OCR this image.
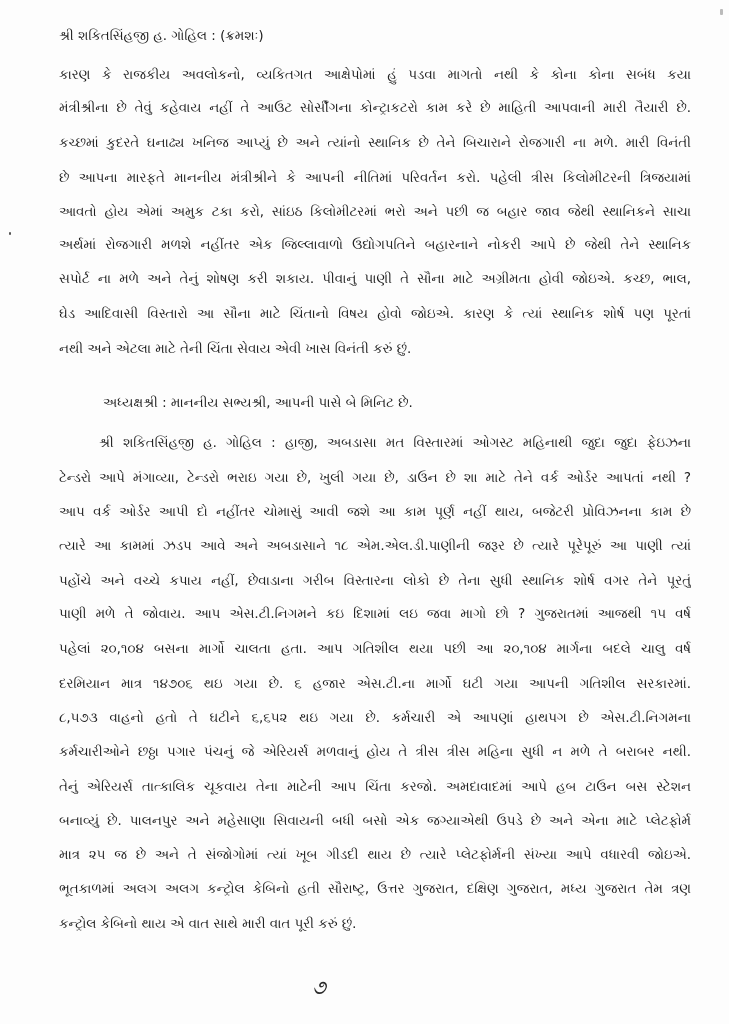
શ્રી શકિતસિંહજી હ. ગોહિલ : (ક્રમશઃ)
કારણ કે રાજકીય અવલોકનો, વ્યકિતગત આક્ષેપોમાં હું પડવા માગતો નથી કે કોના કોના સબંધ કયા
મંત્રીશ્રીના છે તેવું કહેવાય નહીં તે આઉટ સોર્સીંગના કોન્ટ્રાકટરો કામ કરે છે માહિતી આપવાની મારી તૈયારી છે.
કચ્છમાં કુદરતે ઘનાઢ્ય ખનિજ આપ્યું છે અને ત્યાંનો સ્થાનિક છે તેને બિચારાને રોજગારી ના મળે. મારી વિનંતી
છે આપના મારફતે માનનીય મંત્રીશ્રીને કે આપની નીતિમાં પરિવર્તન કરો. પહેલી ત્રીસ કિલોમીટરની ત્રિજયામાં
આવતો હોય એમાં અમુક ટકા કરો, સાંઇઠ કિલોમીટરમાં ભરો અને પછી જ બહાર જાવ જેથી સ્થાનિકને સાચા
અર્થમાં રોજગારી મળશે નહીંતર એક જિલ્લાવાળો ઉદ્યોગપતિને બહારનાને નોકરી આપે છે જેથી તેને સ્થાનિક
સપોર્ટ ના મળે અને તેનું શોષણ કરી શકાય. પીવાનું પાણી તે સૌના માટે અગ્રીમતા હોવી જોઇએ. કચ્છ, ભાલ,
ઘેડ આદિવાસી વિસ્તારો આ સૌના માટે ચિંતાનો વિષય હોવો જોઇએ. કારણ કે ત્યાં સ્થાનિક શોર્ષ પણ પૂરતાં
નથી અને એટલા માટે તેની ચિંતા સેવાય એવી ખાસ વિનંતી કરું છું.
અધ્યક્ષશ્રી : માનનીય સભ્યશ્રી, આપની પાસે બે મિનિટ છે.
શ્રી શકિતસિંહજી હ. ગોહિલ : હાજી, અબડાસા મત વિસ્તારમાં ઓગસ્ટ મહિનાથી જુદા જુદા ફેઇઝના
ટેન્ડરો આપે મંગાવ્યા, ટેન્ડરો ભરાઇ ગયા છે, ખુલી ગયા છે, ડાઉન છે શા માટે તેને વર્ક ઓર્ડર આપતાં નથી ?
આપ વર્ક ઓર્ડર આપી દો નહીંતર ચોમાસું આવી જશે આ કામ પૂર્ણ નહીં થાય, બજેટરી પ્રોવિઝનના કામ છે
ત્યારે આ કામમાં ઝડપ આવે અને અબડાસાને ૧૮ એમ.એલ.ડી.પાણીની જરૂર છે ત્યારે પૂરેપૂરું આ પાણી ત્યાં
પહોંચે અને વચ્ચે કપાય નહીં, છેવાડાના ગરીબ વિસ્તારના લોકો છે તેના સુધી સ્થાનિક શોર્ષ વગર તેને પૂરતું
પાણી મળે તે જોવાય. આપ એસ.ટી.નિગમને કઇ દિશામાં લઇ જવા માગો છો ? ગુજરાતમાં આજથી ૧૫ વર્ષ
પહેલાં ૨૦,૧૦૪ બસના માર્ગો ચાલતા હતા. આપ ગતિશીલ થયા પછી આ ૨૦,૧૦૪ માર્ગના બદલે ચાલુ વર્ષ
દરમિયાન માત્ર ૧૪૭૦૬ થઇ ગયા છે. ૬ હજાર એસ.ટી.ના માર્ગો ઘટી ગયા આપની ગતિશીલ સરકારમાં.
૮,૫૭૩ વાહનો હતો તે ઘટીને ૬,૬૫૨ થઇ ગયા છે. કર્મચારી એ આપણાં હાથપગ છે એસ.ટી.નિગમના
કર્મચારીઓને છઠ્ઠા પગાર પંચનું જે એરિયર્સ મળવાનું હોય તે ત્રીસ ત્રીસ મહિના સુધી ન મળે તે બરાબર નથી.
તેનું એરિયર્સ તાત્કાલિક ચૂકવાય તેના માટેની આપ ચિંતા કરજો. અમદાવાદમાં આપે હબ ટાઉન બસ સ્ટેશન
બનાવ્યું છે. પાલનપુર અને મહેસાણા સિવાયની બધી બસો એક જગ્યાએથી ઉપડે છે અને એના માટે પ્લેટફોર્મ
માત્ર ૨૫ જ છે અને તે સંજોગોમાં ત્યાં ખૂબ ગીડદી થાય છે ત્યારે પ્લેટફોર્મની સંખ્યા આપે વધારવી જોઇએ.
ભૂતકાળમાં અલગ અલગ કન્ટ્રોલ કેબિનો હતી સૌરાષ્ટ્ર, ઉત્તર ગુજરાત, દક્ષિણ ગુજરાત, મધ્ય ગુજરાત તેમ ત્રણ
કન્ટ્રોલ કેબિનો થાય એ વાત સાથે મારી વાત પૂરી કરું છું.
૭
